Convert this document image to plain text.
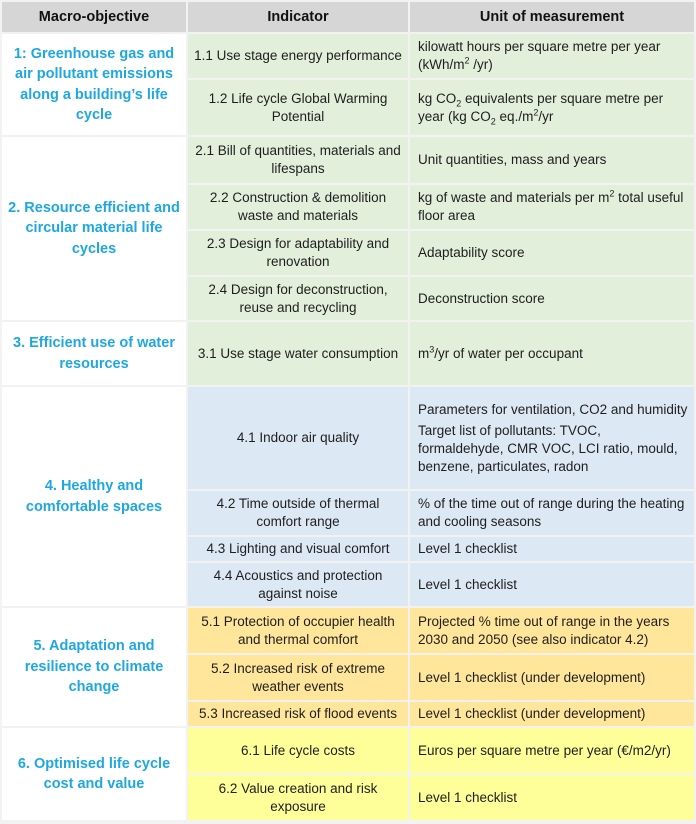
Macro-objective	Indicator	Unit of measurement
1: Greenhouse gas and air pollutant emissions along a building’s life cycle	1.1 Use stage energy performance	kilowatt hours per square metre per year ($kWh/m^2$ /yr)
	1.2 Life cycle Global Warming Potential	kg $CO_2$ equivalents per square metre per year (kg $CO_2$ $eq./m^2/yr$
2. Resource efficient and circular material life cycles	2.1 Bill of quantities, materials and lifespans	Unit quantities, mass and years
	2.2 Construction & demolition waste and materials	kg of waste and materials per $m^2$ total useful floor area
	2.3 Design for adaptability and renovation	Adaptability score
	2.4 Design for deconstruction, reuse and recycling	Deconstruction score
3. Efficient use of water resources	3.1 Use stage water consumption	$m^3/yr$ of water per occupant
4. Healthy and comfortable spaces	4.1 Indoor air quality	Parameters for ventilation, CO2 and humidity

Target list of pollutants: TVOC, formaldehyde, CMR VOC, LCI ratio, mould, benzene, particulates, radon

	4.2 Time outside of thermal comfort range	% of the time out of range during the heating and cooling seasons
	4.3 Lighting and visual comfort	Level 1 checklist
	4.4 Acoustics and protection against noise	Level 1 checklist
5. Adaptation and resilience to climate change	5.1 Protection of occupier health and thermal comfort	Projected % time out of range in the years 2030 and 2050 (see also indicator 4.2)
	5.2 Increased risk of extreme weather events	Level 1 checklist (under development)
	5.3 Increased risk of flood events	Level 1 checklist (under development)
6. Optimised life cycle cost and value	6.1 Life cycle costs	Euros per square metre per year (€/m2/yr)
	6.2 Value creation and risk exposure	Level 1 checklist
